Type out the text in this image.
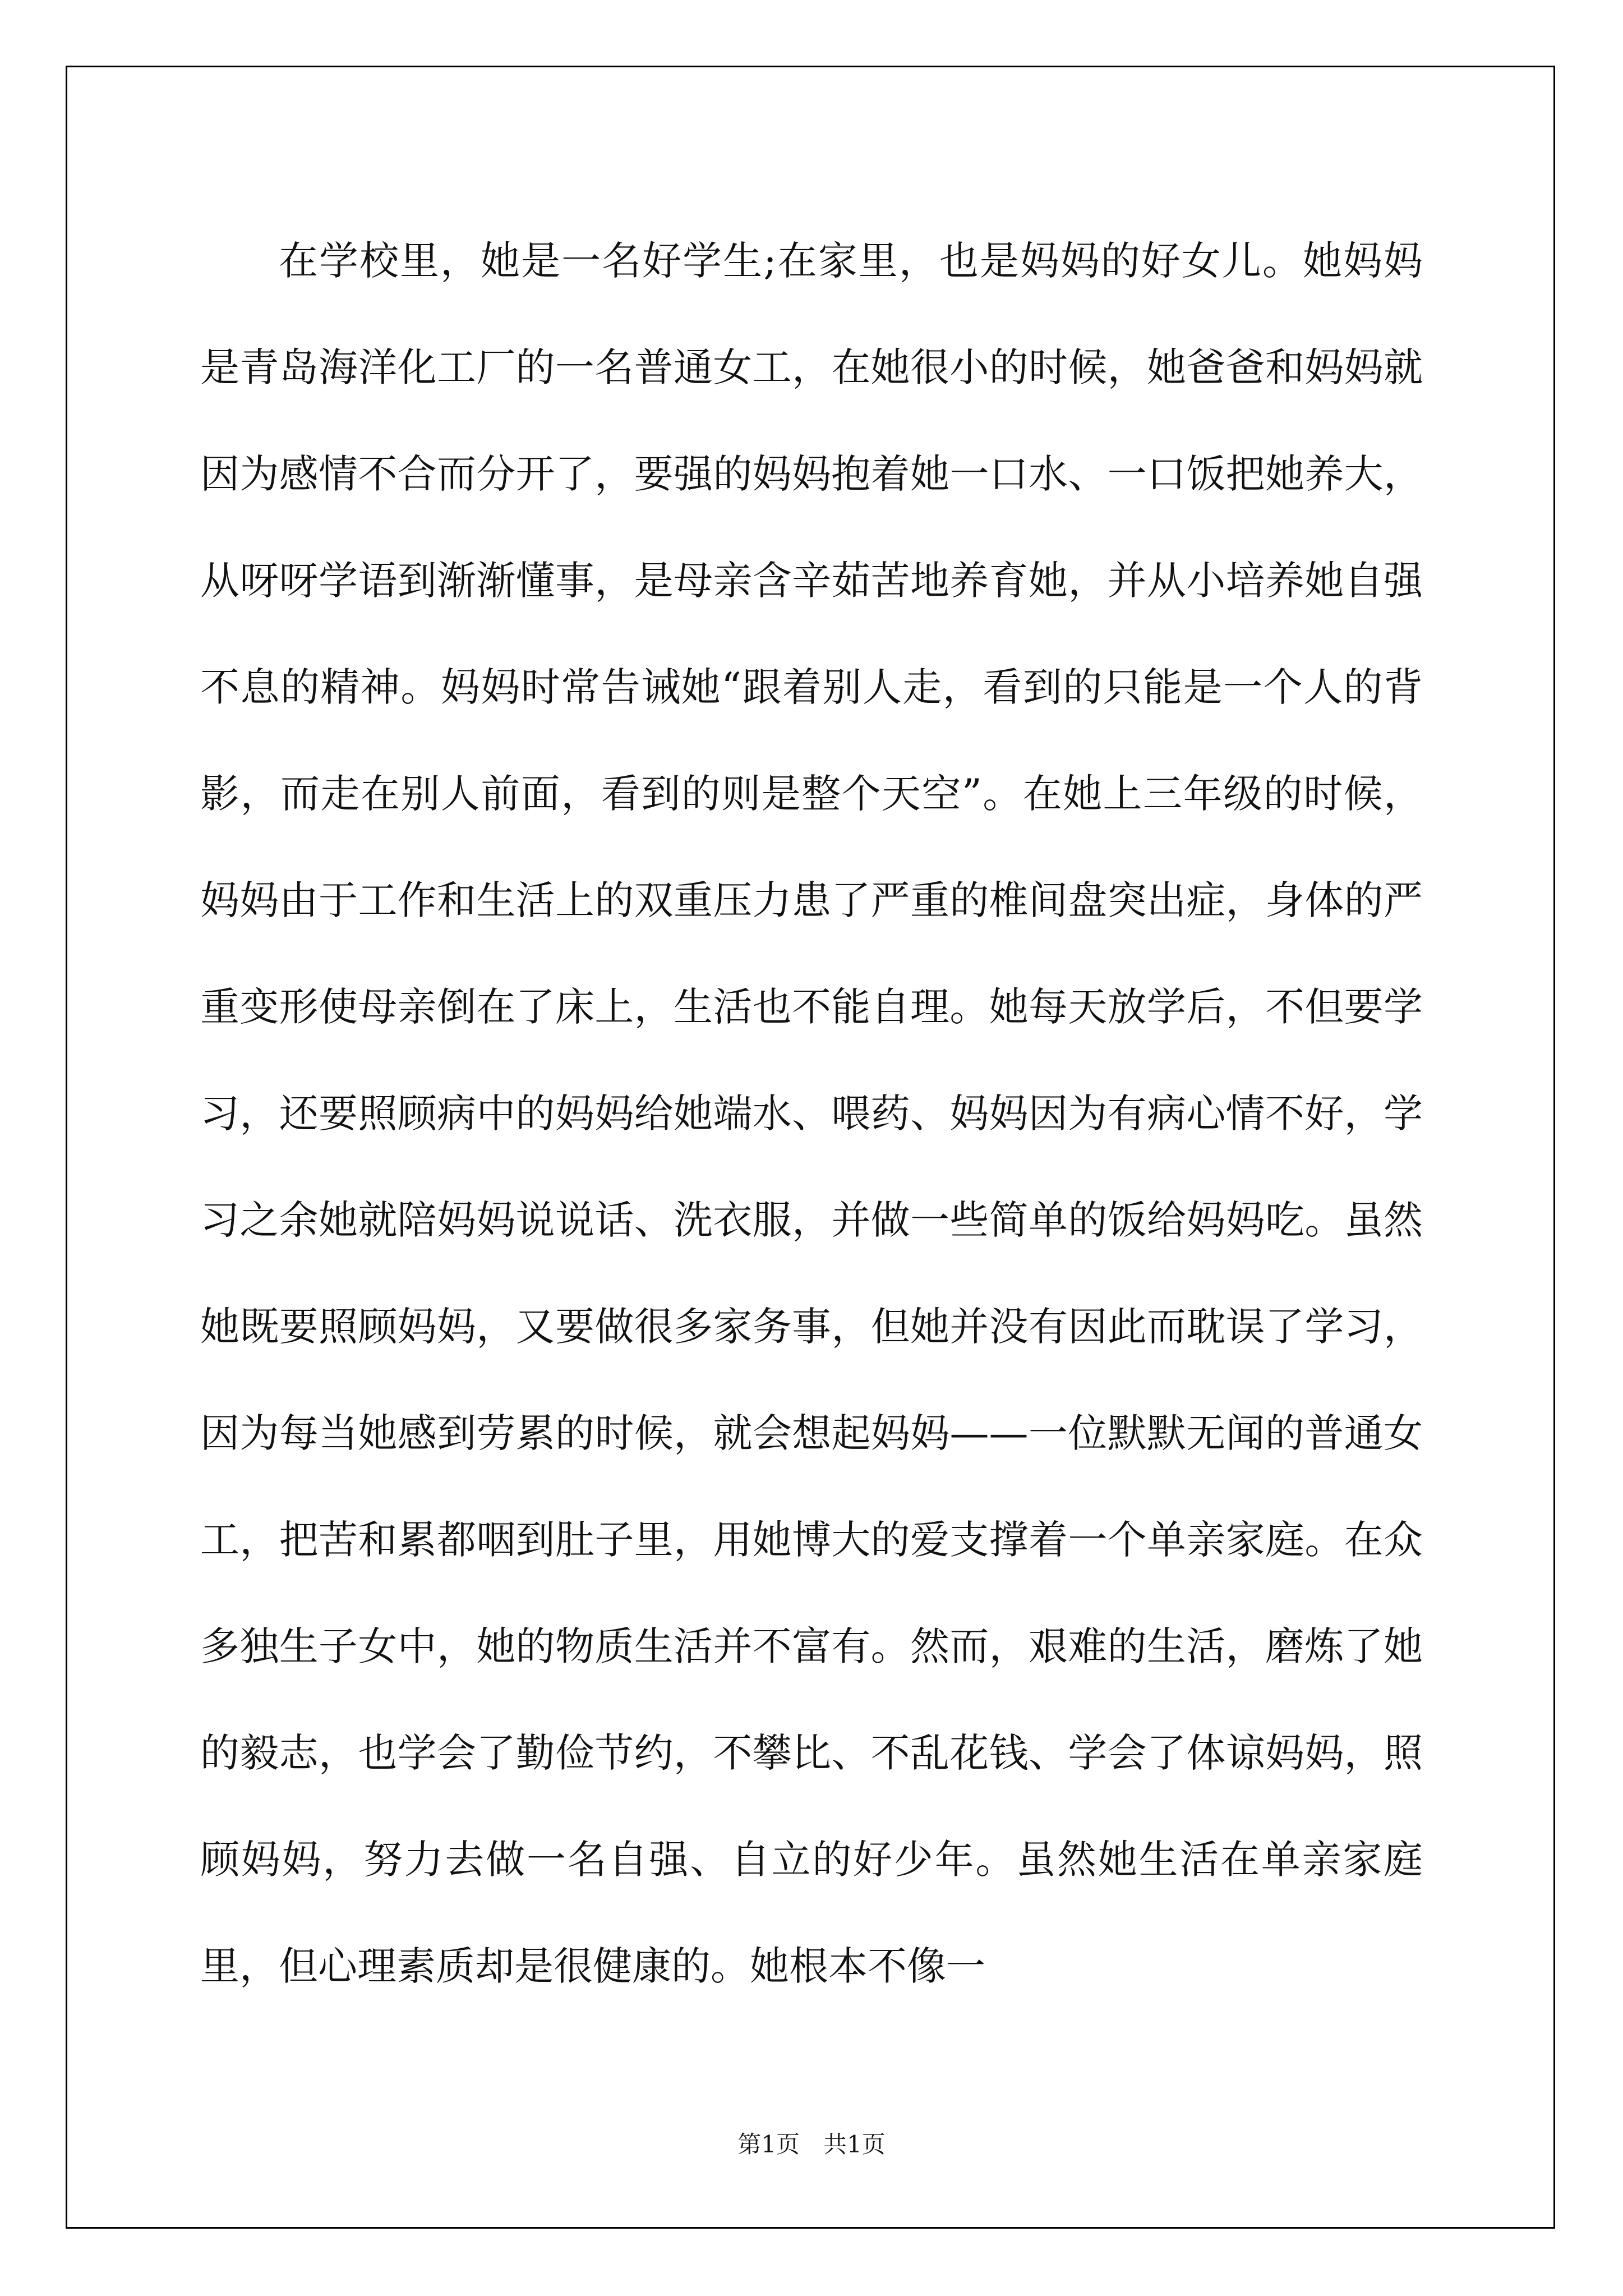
在学校里，她是一名好学生;在家里，也是妈妈的好女儿。她妈妈是青岛海洋化工厂的一名普通女工，在她很小的时候，她爸爸和妈妈就因为感情不合而分开了，要强的妈妈抱着她一口水、一口饭把她养大，从呀呀学语到渐渐懂事，是母亲含辛茹苦地养育她，并从小培养她自强不息的精神。妈妈时常告诫她“跟着别人走，看到的只能是一个人的背影，而走在别人前面，看到的则是整个天空”。在她上三年级的时候，妈妈由于工作和生活上的双重压力患了严重的椎间盘突出症，身体的严重变形使母亲倒在了床上，生活也不能自理。她每天放学后，不但要学习，还要照顾病中的妈妈给她端水、喂药、妈妈因为有病心情不好，学习之余她就陪妈妈说说话、洗衣服，并做一些简单的饭给妈妈吃。虽然她既要照顾妈妈，又要做很多家务事，但她并没有因此而耽误了学习，因为每当她感到劳累的时候，就会想起妈妈——一位默默无闻的普通女工，把苦和累都咽到肚子里，用她博大的爱支撑着一个单亲家庭。在众多独生子女中，她的物质生活并不富有。然而，艰难的生活，磨炼了她的毅志，也学会了勤俭节约，不攀比、不乱花钱、学会了体谅妈妈，照顾妈妈，努力去做一名自强、自立的好少年。虽然她生活在单亲家庭里，但心理素质却是很健康的。她根本不像一

第1页　共1页
